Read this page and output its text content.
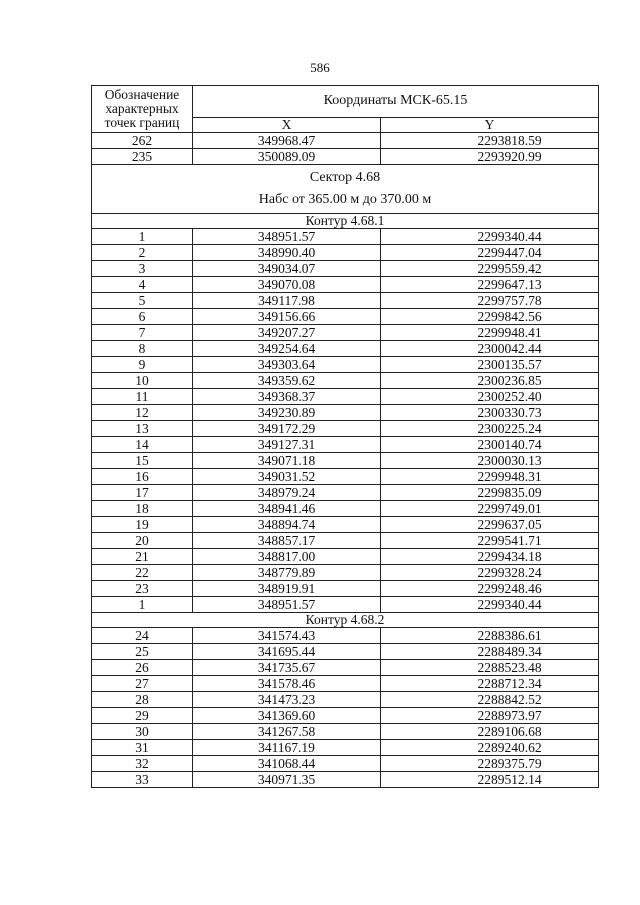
586
Обозначение характерных точек границ	Координаты МСК-65.15	
	X	Y
262	349968.47	2293818.59
235	350089.09	2293920.99

Сектор 4.68
Набс от 365.00 м до 370.00 м		

Контур 4.68.1		
1	348951.57	2299340.44
2	348990.40	2299447.04
3	349034.07	2299559.42
4	349070.08	2299647.13
5	349117.98	2299757.78
6	349156.66	2299842.56
7	349207.27	2299948.41
8	349254.64	2300042.44
9	349303.64	2300135.57
10	349359.62	2300236.85
11	349368.37	2300252.40
12	349230.89	2300330.73
13	349172.29	2300225.24
14	349127.31	2300140.74
15	349071.18	2300030.13
16	349031.52	2299948.31
17	348979.24	2299835.09
18	348941.46	2299749.01
19	348894.74	2299637.05
20	348857.17	2299541.71
21	348817.00	2299434.18
22	348779.89	2299328.24
23	348919.91	2299248.46
1	348951.57	2299340.44
Контур 4.68.2		
24	341574.43	2288386.61
25	341695.44	2288489.34
26	341735.67	2288523.48
27	341578.46	2288712.34
28	341473.23	2288842.52
29	341369.60	2288973.97
30	341267.58	2289106.68
31	341167.19	2289240.62
32	341068.44	2289375.79
33	340971.35	2289512.14
